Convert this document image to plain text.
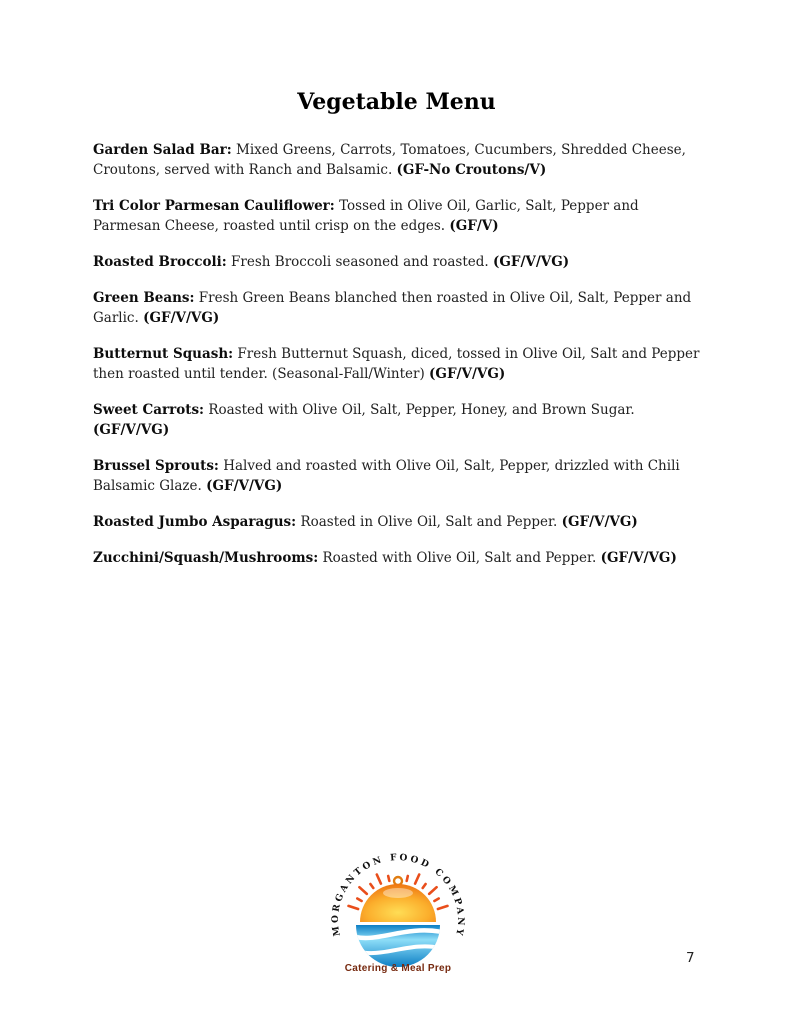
Vegetable Menu

Garden Salad Bar: Mixed Greens, Carrots, Tomatoes, Cucumbers, Shredded Cheese, Croutons, served with Ranch and Balsamic. (GF-No Croutons/V)

Tri Color Parmesan Cauliflower: Tossed in Olive Oil, Garlic, Salt, Pepper and Parmesan Cheese, roasted until crisp on the edges. (GF/V)

Roasted Broccoli: Fresh Broccoli seasoned and roasted. (GF/V/VG)

Green Beans: Fresh Green Beans blanched then roasted in Olive Oil, Salt, Pepper and Garlic. (GF/V/VG)

Butternut Squash: Fresh Butternut Squash, diced, tossed in Olive Oil, Salt and Pepper then roasted until tender. (Seasonal-Fall/Winter) (GF/V/VG)

Sweet Carrots: Roasted with Olive Oil, Salt, Pepper, Honey, and Brown Sugar. (GF/V/VG)

Brussel Sprouts: Halved and roasted with Olive Oil, Salt, Pepper, drizzled with Chili Balsamic Glaze. (GF/V/VG)

Roasted Jumbo Asparagus: Roasted in Olive Oil, Salt and Pepper. (GF/V/VG)

Zucchini/Squash/Mushrooms: Roasted with Olive Oil, Salt and Pepper. (GF/V/VG)

MORGANTON FOOD COMPANY
Catering & Meal Prep
7
